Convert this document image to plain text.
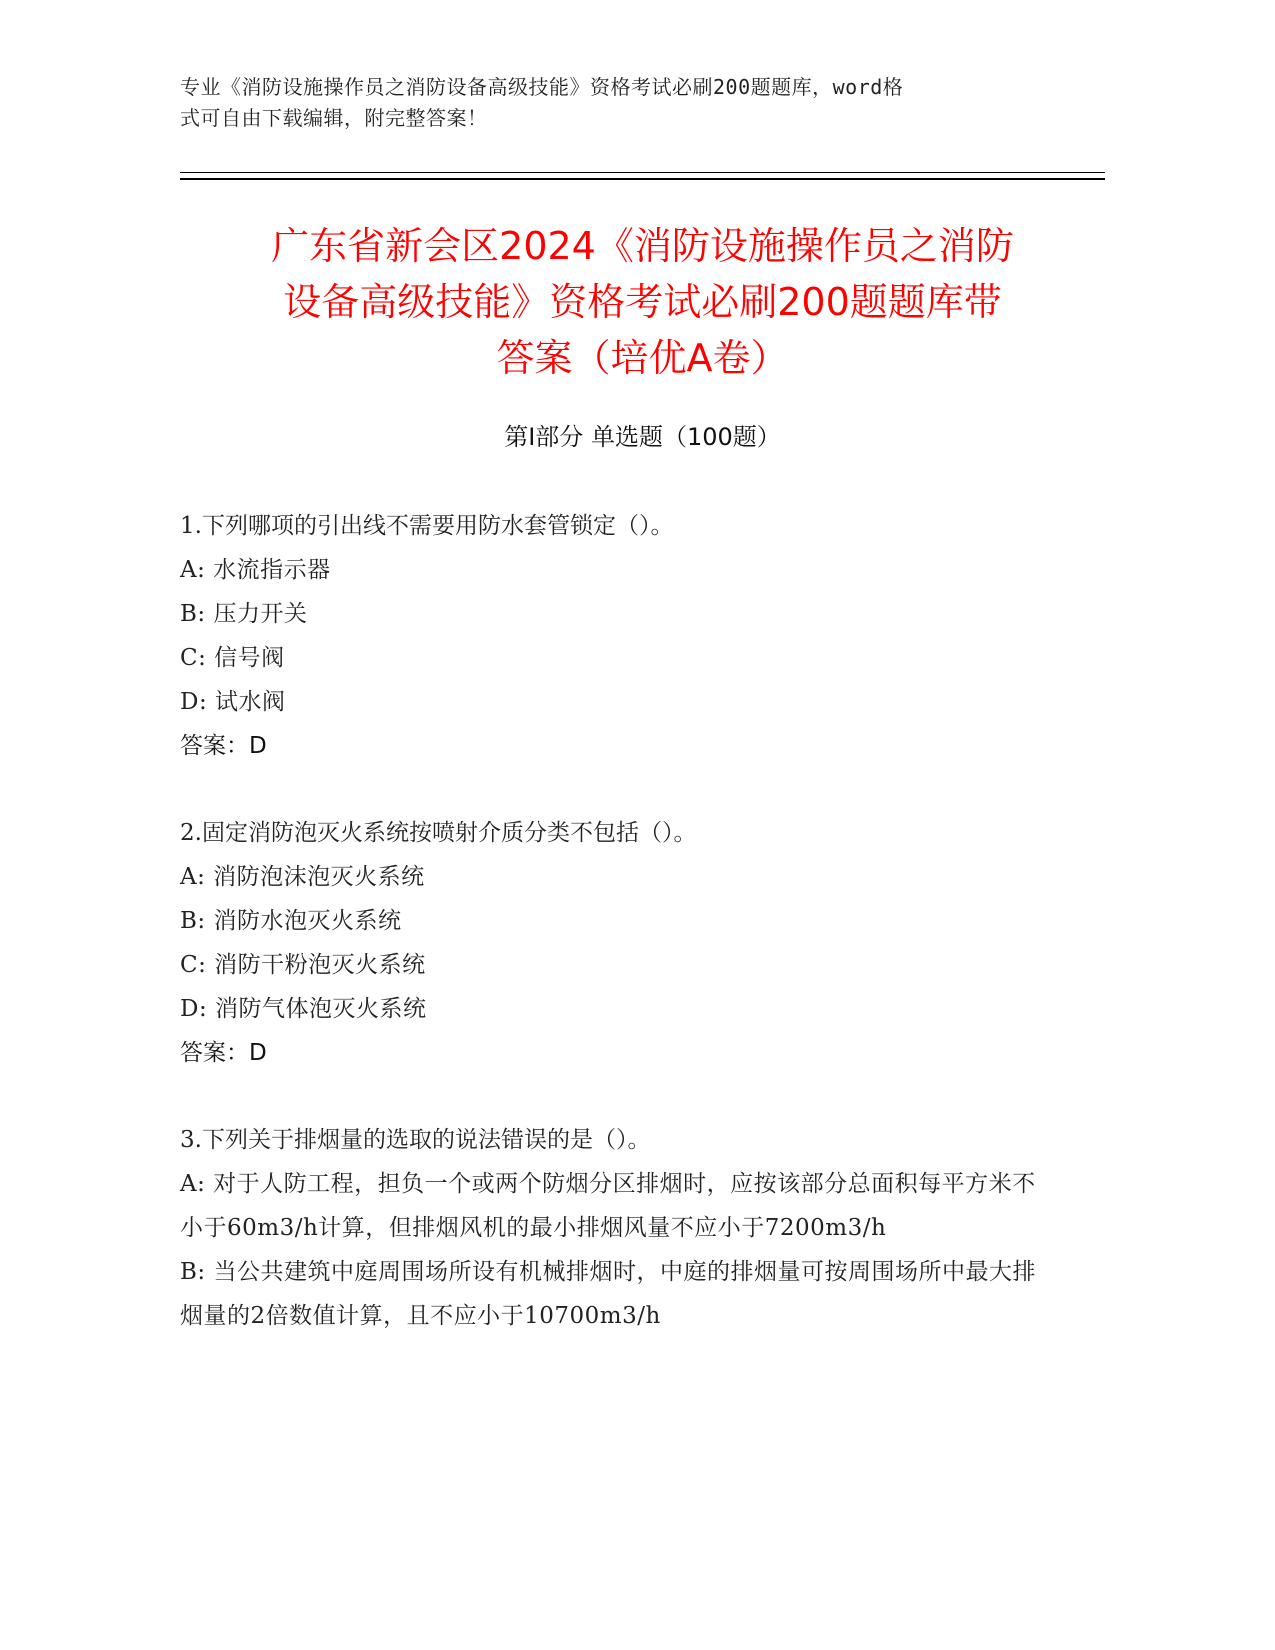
专业《消防设施操作员之消防设备高级技能》资格考试必刷200题题库，word格
式可自由下载编辑，附完整答案！
广东省新会区2024《消防设施操作员之消防
设备高级技能》资格考试必刷200题题库带
答案（培优A卷）
第I部分 单选题（100题）
1.下列哪项的引出线不需要用防水套管锁定（）。
A: 水流指示器
B: 压力开关
C: 信号阀
D: 试水阀
答案：D
2.固定消防泡灭火系统按喷射介质分类不包括（）。
A: 消防泡沫泡灭火系统
B: 消防水泡灭火系统
C: 消防干粉泡灭火系统
D: 消防气体泡灭火系统
答案：D
3.下列关于排烟量的选取的说法错误的是（）。
A: 对于人防工程，担负一个或两个防烟分区排烟时，应按该部分总面积每平方米不小于60m3/h计算，但排烟风机的最小排烟风量不应小于7200m3/h
B: 当公共建筑中庭周围场所设有机械排烟时，中庭的排烟量可按周围场所中最大排烟量的2倍数值计算，且不应小于10700m3/h
